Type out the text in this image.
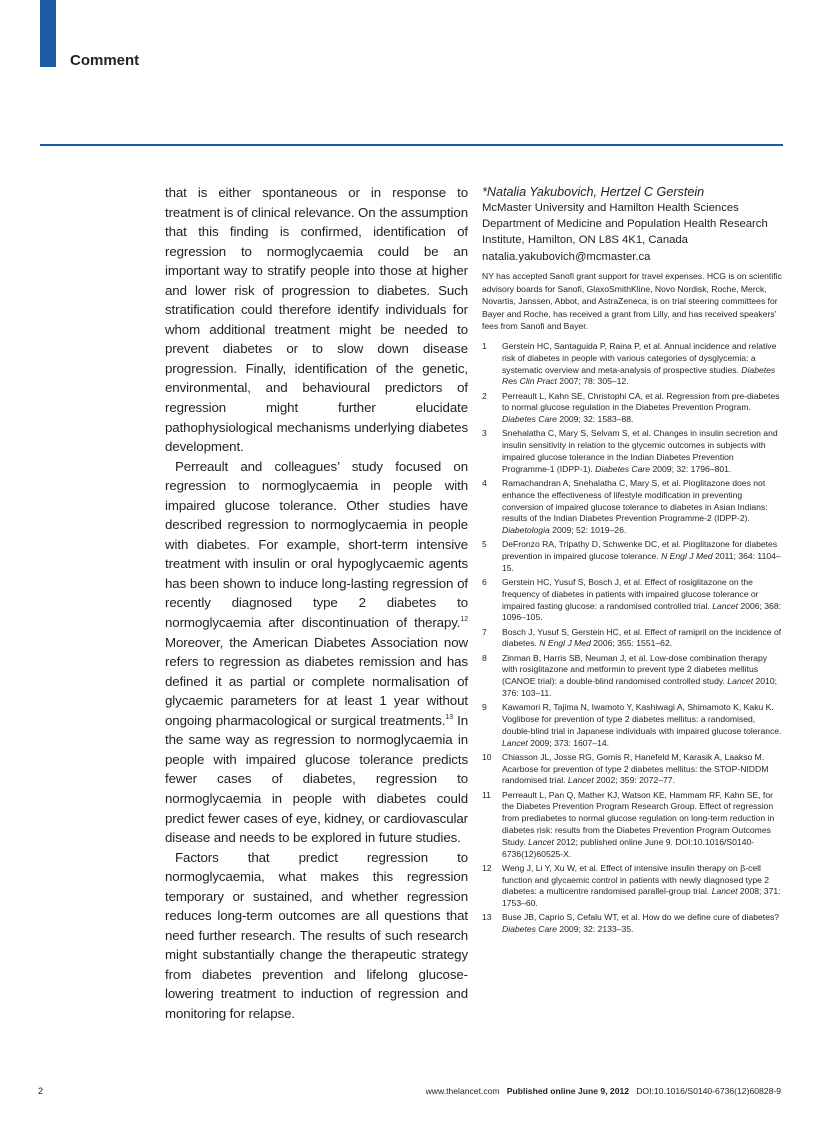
Comment

that is either spontaneous or in response to treatment is of clinical relevance. On the assumption that this finding is confirmed, identification of regression to normoglycaemia could be an important way to stratify people into those at higher and lower risk of progression to diabetes. Such stratification could therefore identify individuals for whom additional treatment might be needed to prevent diabetes or to slow down disease progression. Finally, identification of the genetic, environmental, and behavioural predictors of regression might further elucidate pathophysiological mechanisms underlying diabetes development.

Perreault and colleagues’ study focused on regression to normoglycaemia in people with impaired glucose tolerance. Other studies have described regression to normoglycaemia in people with diabetes. For example, short-term intensive treatment with insulin or oral hypoglycaemic agents has been shown to induce long-lasting regression of recently diagnosed type 2 diabetes to normoglycaemia after discontinuation of therapy.$^{12}$ Moreover, the American Diabetes Association now refers to regression as diabetes remission and has defined it as partial or complete normalisation of glycaemic parameters for at least 1 year without ongoing pharmacological or surgical treatments.$^{13}$ In the same way as regression to normoglycaemia in people with impaired glucose tolerance predicts fewer cases of diabetes, regression to normoglycaemia in people with diabetes could predict fewer cases of eye, kidney, or cardiovascular disease and needs to be explored in future studies.

Factors that predict regression to normoglycaemia, what makes this regression temporary or sustained, and whether regression reduces long-term outcomes are all questions that need further research. The results of such research might substantially change the therapeutic strategy from diabetes prevention and lifelong glucose-lowering treatment to induction of regression and monitoring for relapse.

*Natalia Yakubovich, Hertzel C Gerstein
McMaster University and Hamilton Health Sciences Department of Medicine and Population Health Research Institute, Hamilton, ON L8S 4K1, Canada
natalia.yakubovich@mcmaster.ca
NY has accepted Sanofi grant support for travel expenses. HCG is on scientific advisory boards for Sanofi, GlaxoSmithKline, Novo Nordisk, Roche, Merck, Novartis, Janssen, Abbot, and AstraZeneca, is on trial steering committees for Bayer and Roche, has received a grant from Lilly, and has received speakers’ fees from Sanofi and Bayer.
1	Gerstein HC, Santaguida P, Raina P, et al. Annual incidence and relative risk of diabetes in people with various categories of dysglycemia: a systematic overview and meta-analysis of prospective studies. Diabetes Res Clin Pract 2007; 78: 305–12.
2	Perreault L, Kahn SE, Christophi CA, et al. Regression from pre-diabetes to normal glucose regulation in the Diabetes Prevention Program. Diabetes Care 2009; 32: 1583–88.
3	Snehalatha C, Mary S, Selvam S, et al. Changes in insulin secretion and insulin sensitivity in relation to the glycemic outcomes in subjects with impaired glucose tolerance in the Indian Diabetes Prevention Programme-1 (IDPP-1). Diabetes Care 2009; 32: 1796–801.
4	Ramachandran A, Snehalatha C, Mary S, et al. Pioglitazone does not enhance the effectiveness of lifestyle modification in preventing conversion of impaired glucose tolerance to diabetes in Asian Indians: results of the Indian Diabetes Prevention Programme-2 (IDPP-2). Diabetologia 2009; 52: 1019–26.
5	DeFronzo RA, Tripathy D, Schwenke DC, et al. Pioglitazone for diabetes prevention in impaired glucose tolerance. N Engl J Med 2011; 364: 1104–15.
6	Gerstein HC, Yusuf S, Bosch J, et al. Effect of rosiglitazone on the frequency of diabetes in patients with impaired glucose tolerance or impaired fasting glucose: a randomised controlled trial. Lancet 2006; 368: 1096–105.
7	Bosch J, Yusuf S, Gerstein HC, et al. Effect of ramipril on the incidence of diabetes. N Engl J Med 2006; 355: 1551–62.
8	Zinman B, Harris SB, Neuman J, et al. Low-dose combination therapy with rosiglitazone and metformin to prevent type 2 diabetes mellitus (CANOE trial): a double-blind randomised controlled study. Lancet 2010; 376: 103–11.
9	Kawamori R, Tajima N, Iwamoto Y, Kashiwagi A, Shimamoto K, Kaku K. Voglibose for prevention of type 2 diabetes mellitus: a randomised, double-blind trial in Japanese individuals with impaired glucose tolerance. Lancet 2009; 373: 1607–14.
10	Chiasson JL, Josse RG, Gomis R, Hanefeld M, Karasik A, Laakso M. Acarbose for prevention of type 2 diabetes mellitus: the STOP-NIDDM randomised trial. Lancet 2002; 359: 2072–77.
11	Perreault L, Pan Q, Mather KJ, Watson KE, Hammam RF, Kahn SE, for the Diabetes Prevention Program Research Group. Effect of regression from prediabetes to normal glucose regulation on long-term reduction in diabetes risk: results from the Diabetes Prevention Program Outcomes Study. Lancet 2012; published online June 9. DOI:10.1016/S0140-6736(12)60525-X.
12	Weng J, Li Y, Xu W, et al. Effect of intensive insulin therapy on β-cell function and glycaemic control in patients with newly diagnosed type 2 diabetes: a multicentre randomised parallel-group trial. Lancet 2008; 371: 1753–60.
13	Buse JB, Caprio S, Cefalu WT, et al. How do we define cure of diabetes? Diabetes Care 2009; 32: 2133–35.
2	www.thelancet.com Published online June 9, 2012 DOI:10.1016/S0140-6736(12)60828-9
